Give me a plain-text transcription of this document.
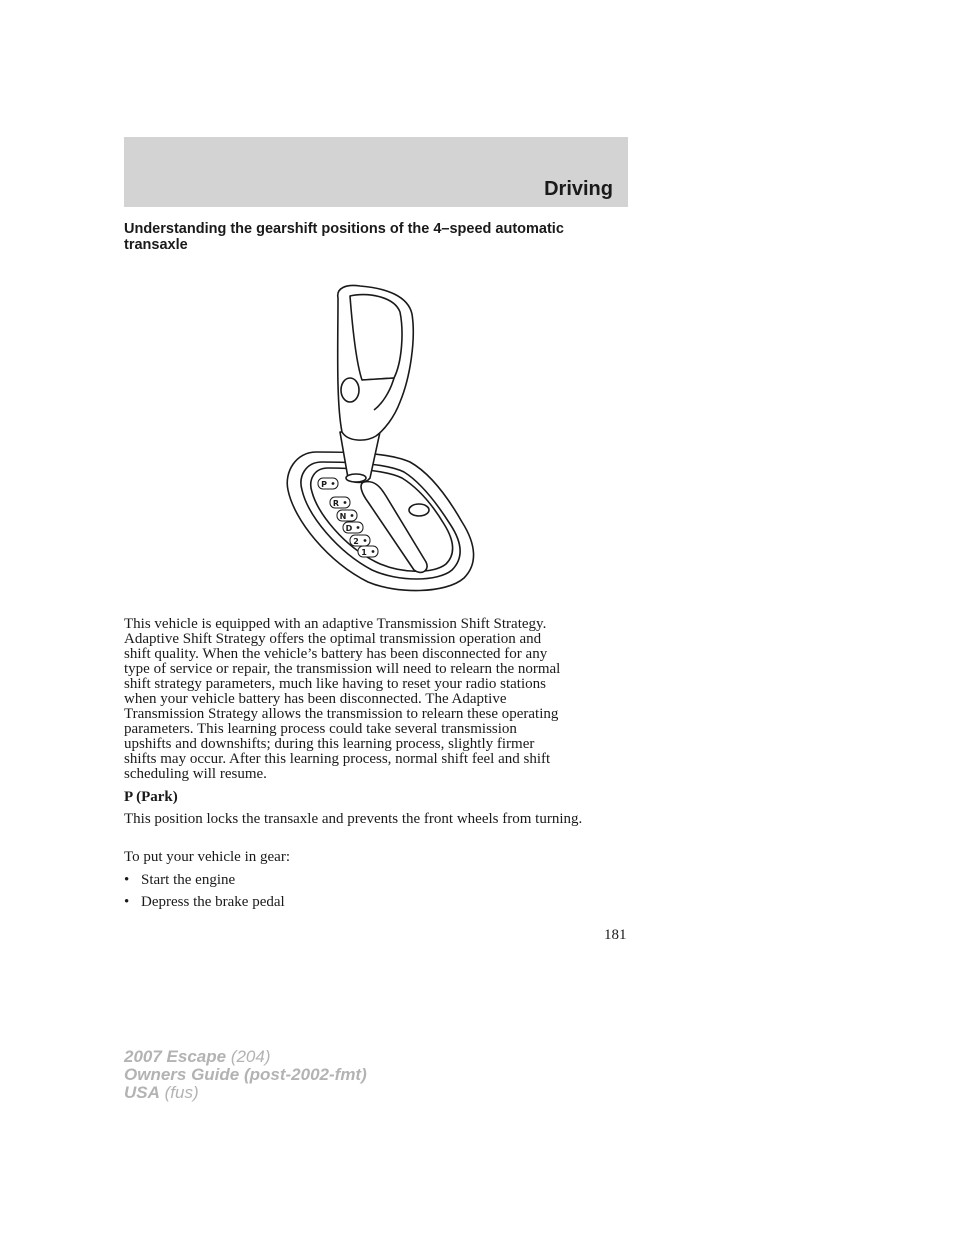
Driving
Understanding the gearshift positions of the 4–speed automatic transaxle
P
R
N
D
2
1
This vehicle is equipped with an adaptive Transmission Shift Strategy.
Adaptive Shift Strategy offers the optimal transmission operation and
shift quality. When the vehicle’s battery has been disconnected for any
type of service or repair, the transmission will need to relearn the normal
shift strategy parameters, much like having to reset your radio stations
when your vehicle battery has been disconnected. The Adaptive
Transmission Strategy allows the transmission to relearn these operating
parameters. This learning process could take several transmission
upshifts and downshifts; during this learning process, slightly firmer
shifts may occur. After this learning process, normal shift feel and shift
scheduling will resume.
P (Park)
This position locks the transaxle and prevents the front wheels from turning.
To put your vehicle in gear:
• Start the engine
• Depress the brake pedal
181
2007 Escape (204)
Owners Guide (post-2002-fmt)
USA (fus)
